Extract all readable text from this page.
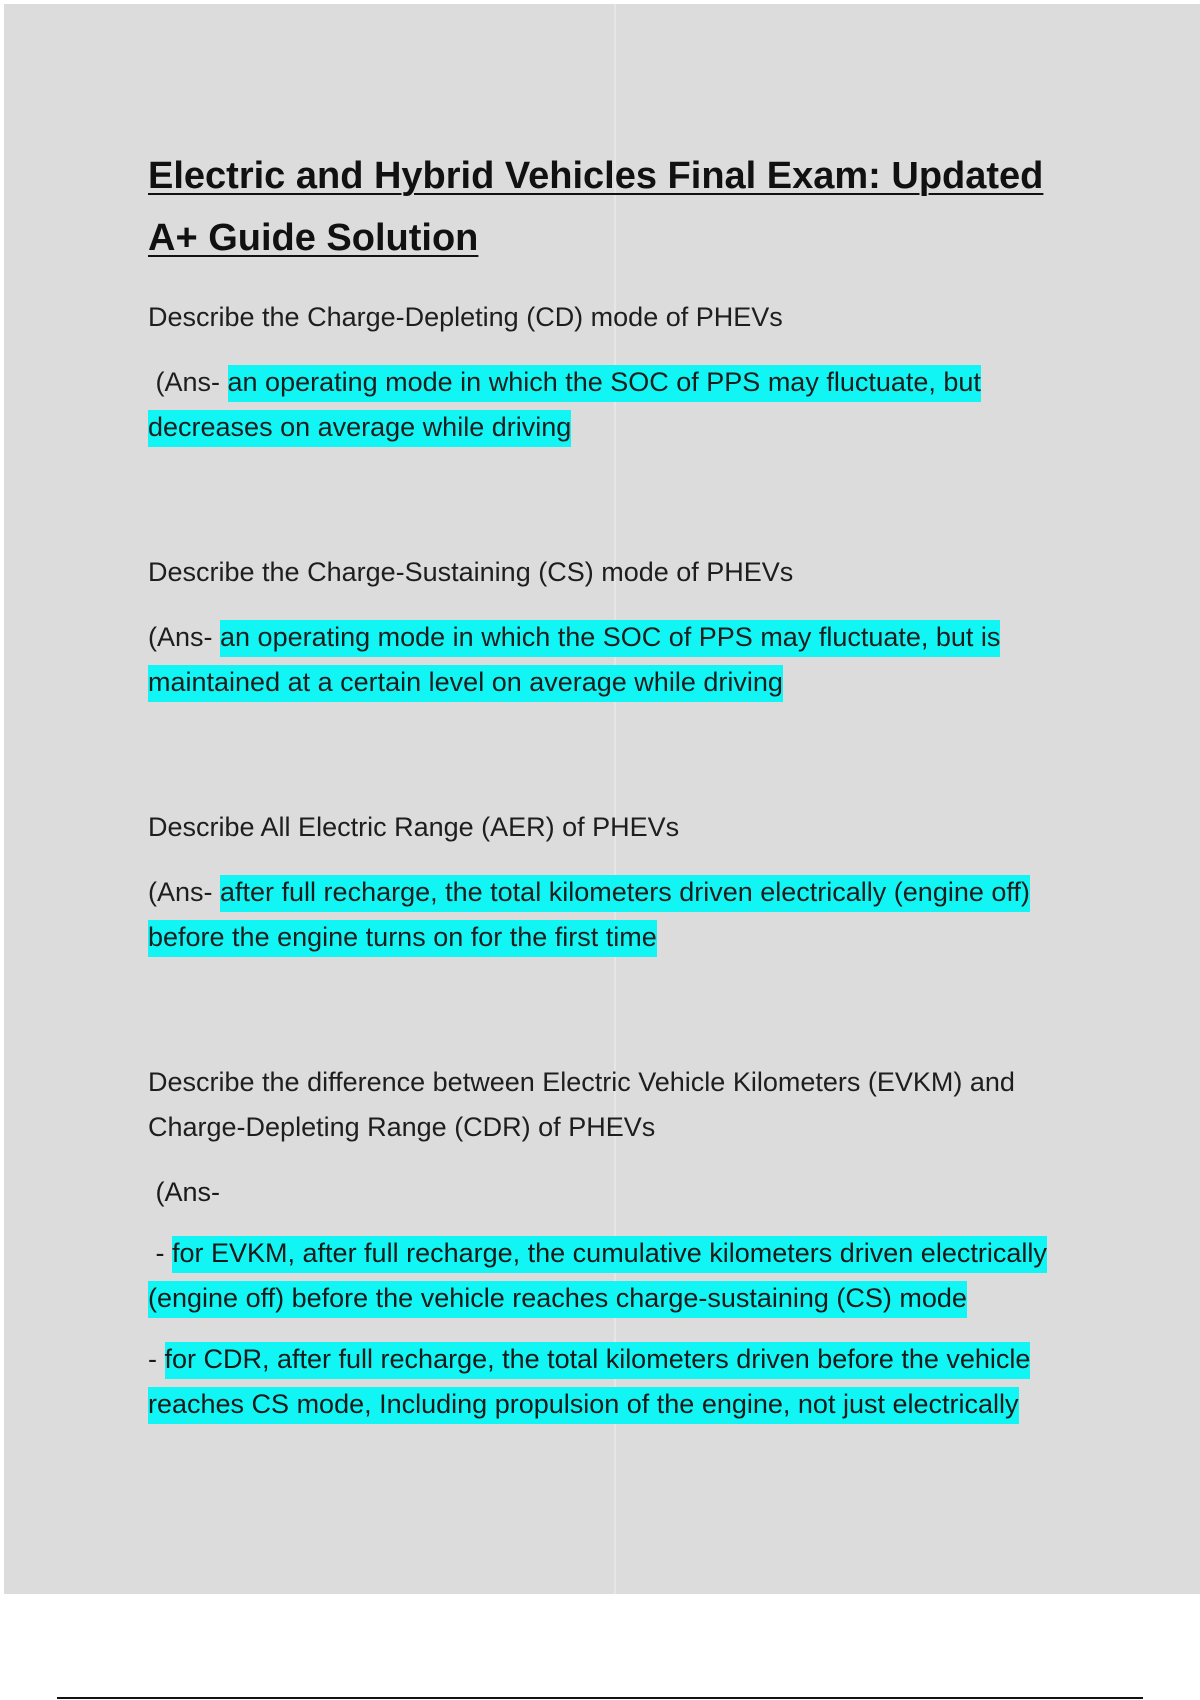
Electric and Hybrid Vehicles Final Exam: Updated A+ Guide Solution

Describe the Charge-Depleting (CD) mode of PHEVs

(Ans- an operating mode in which the SOC of PPS may fluctuate, but decreases on average while driving

Describe the Charge-Sustaining (CS) mode of PHEVs

(Ans- an operating mode in which the SOC of PPS may fluctuate, but is maintained at a certain level on average while driving

Describe All Electric Range (AER) of PHEVs

(Ans- after full recharge, the total kilometers driven electrically (engine off) before the engine turns on for the first time

Describe the difference between Electric Vehicle Kilometers (EVKM) and Charge-Depleting Range (CDR) of PHEVs

(Ans-

- for EVKM, after full recharge, the cumulative kilometers driven electrically (engine off) before the vehicle reaches charge-sustaining (CS) mode

- for CDR, after full recharge, the total kilometers driven before the vehicle reaches CS mode, Including propulsion of the engine, not just electrically
